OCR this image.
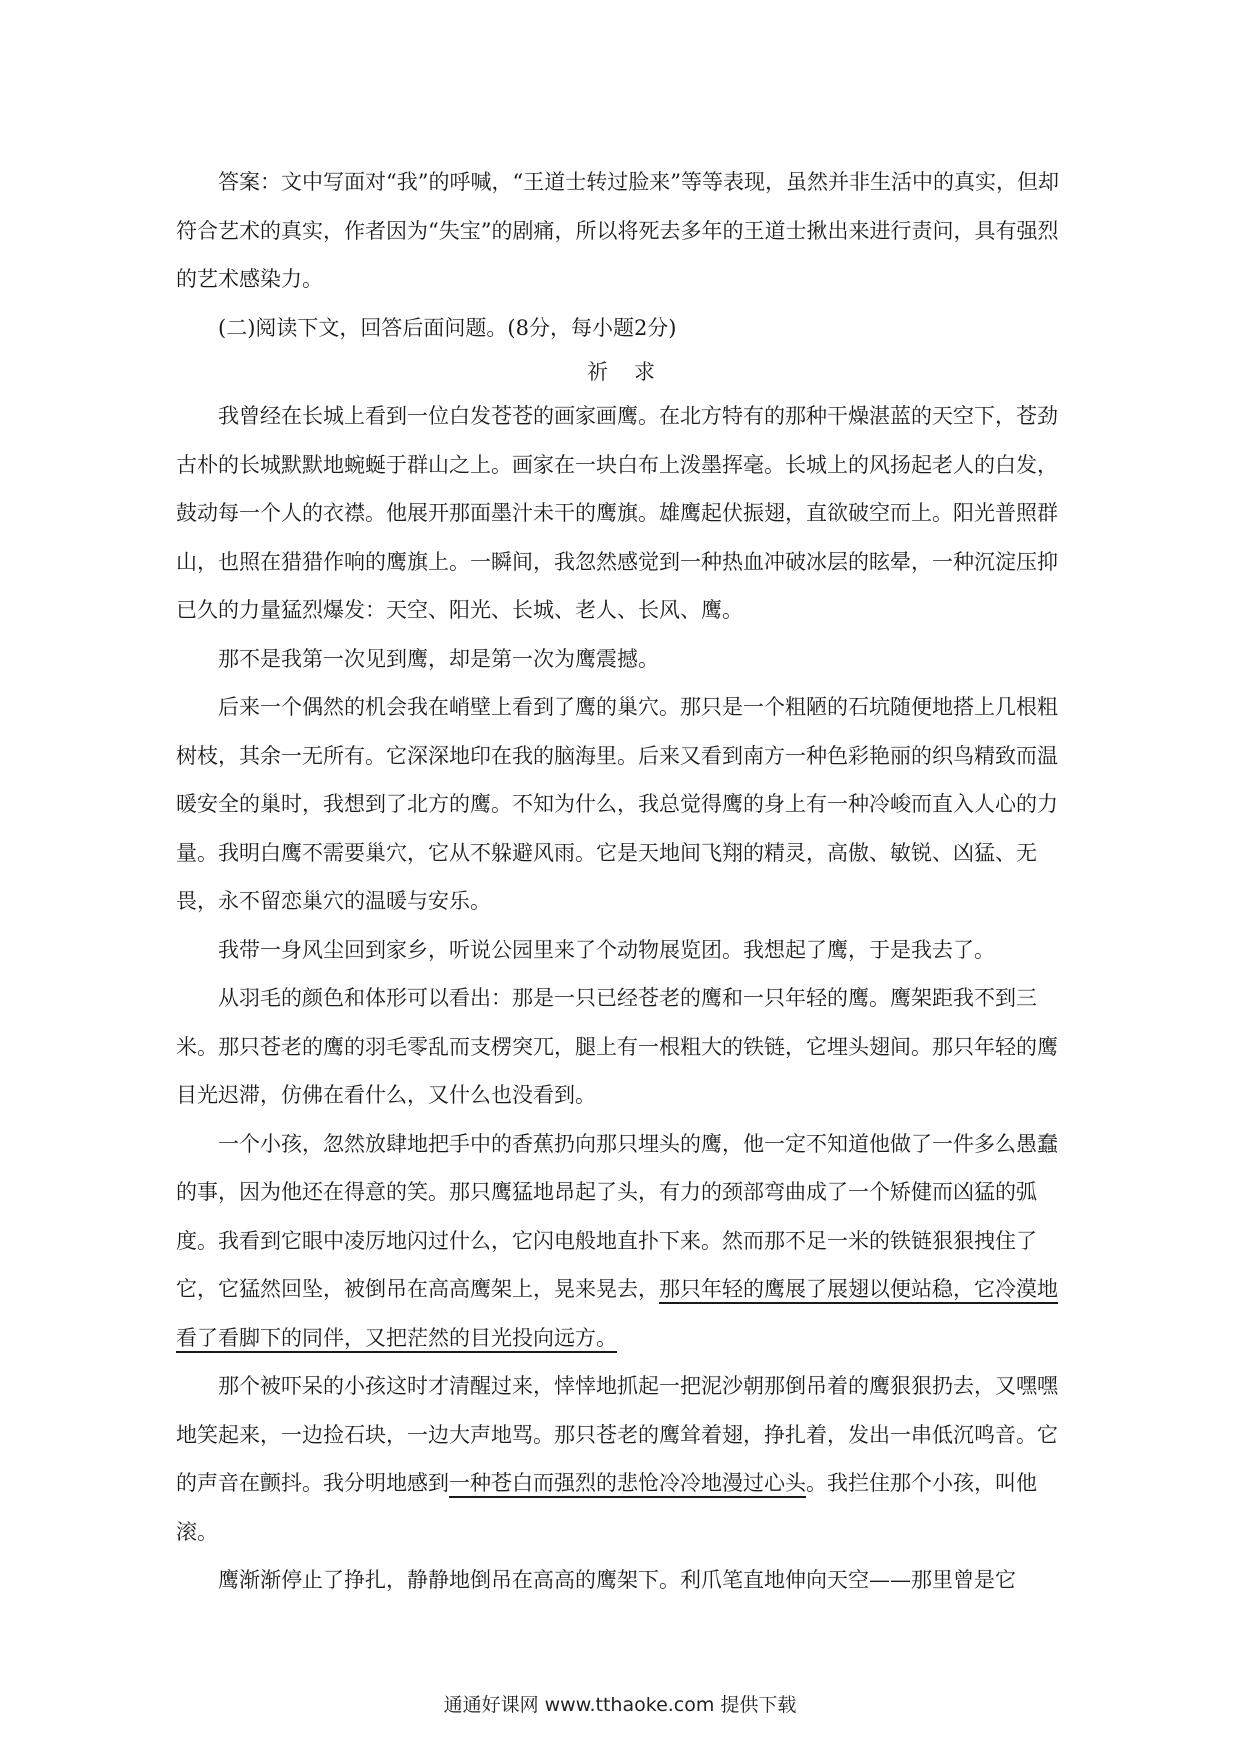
答案：文中写面对“我”的呼喊，“王道士转过脸来”等等表现，虽然并非生活中的真实，但却符合艺术的真实，作者因为“失宝”的剧痛，所以将死去多年的王道士揪出来进行责问，具有强烈的艺术感染力。

(二)阅读下文，回答后面问题。(8分，每小题2分)

祈求

我曾经在长城上看到一位白发苍苍的画家画鹰。在北方特有的那种干燥湛蓝的天空下，苍劲古朴的长城默默地蜿蜒于群山之上。画家在一块白布上泼墨挥毫。长城上的风扬起老人的白发，鼓动每一个人的衣襟。他展开那面墨汁未干的鹰旗。雄鹰起伏振翅，直欲破空而上。阳光普照群山，也照在猎猎作响的鹰旗上。一瞬间，我忽然感觉到一种热血冲破冰层的眩晕，一种沉淀压抑已久的力量猛烈爆发：天空、阳光、长城、老人、长风、鹰。

那不是我第一次见到鹰，却是第一次为鹰震撼。

后来一个偶然的机会我在峭壁上看到了鹰的巢穴。那只是一个粗陋的石坑随便地搭上几根粗树枝，其余一无所有。它深深地印在我的脑海里。后来又看到南方一种色彩艳丽的织鸟精致而温暖安全的巢时，我想到了北方的鹰。不知为什么，我总觉得鹰的身上有一种冷峻而直入人心的力量。我明白鹰不需要巢穴，它从不躲避风雨。它是天地间飞翔的精灵，高傲、敏锐、凶猛、无畏，永不留恋巢穴的温暖与安乐。

我带一身风尘回到家乡，听说公园里来了个动物展览团。我想起了鹰，于是我去了。

从羽毛的颜色和体形可以看出：那是一只已经苍老的鹰和一只年轻的鹰。鹰架距我不到三米。那只苍老的鹰的羽毛零乱而支楞突兀，腿上有一根粗大的铁链，它埋头翅间。那只年轻的鹰目光迟滞，仿佛在看什么，又什么也没看到。

一个小孩，忽然放肆地把手中的香蕉扔向那只埋头的鹰，他一定不知道他做了一件多么愚蠢的事，因为他还在得意的笑。那只鹰猛地昂起了头，有力的颈部弯曲成了一个矫健而凶猛的弧度。我看到它眼中凌厉地闪过什么，它闪电般地直扑下来。然而那不足一米的铁链狠狠拽住了它，它猛然回坠，被倒吊在高高鹰架上，晃来晃去，那只年轻的鹰展了展翅以便站稳，它冷漠地看了看脚下的同伴，又把茫然的目光投向远方。

那个被吓呆的小孩这时才清醒过来，悻悻地抓起一把泥沙朝那倒吊着的鹰狠狠扔去，又嘿嘿地笑起来，一边捡石块，一边大声地骂。那只苍老的鹰耸着翅，挣扎着，发出一串低沉鸣音。它的声音在颤抖。我分明地感到一种苍白而强烈的悲怆冷冷地漫过心头。我拦住那个小孩，叫他滚。

鹰渐渐停止了挣扎，静静地倒吊在高高的鹰架下。利爪笔直地伸向天空——那里曾是它

通通好课网 www.tthaoke.com 提供下载
